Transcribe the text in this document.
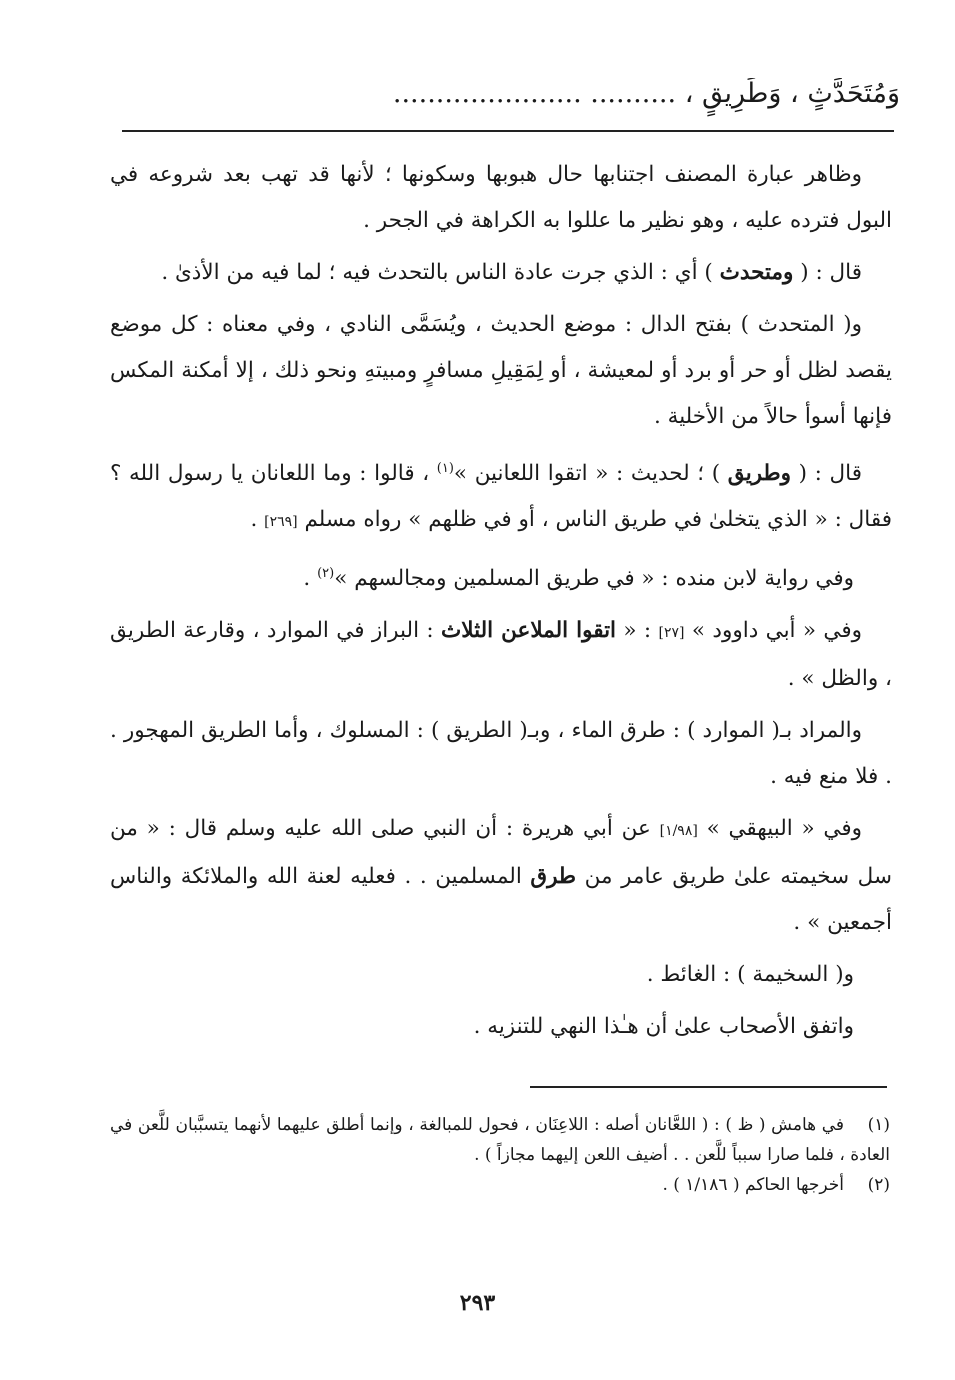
وَمُتَحَدَّثٍ ، وَطَرِيقٍ ، .......... ......................

وظاهر عبارة المصنف اجتنابها حال هبوبها وسكونها ؛ لأنها قد تهب بعد شروعه في البول فترده عليه ، وهو نظير ما عللوا به الكراهة في الجحر .

قال : ( ومتحدث ) أي : الذي جرت عادة الناس بالتحدث فيه ؛ لما فيه من الأذىٰ .

و( المتحدث ) بفتح الدال : موضع الحديث ، ويُسَمَّى النادي ، وفي معناه : كل موضع يقصد لظل أو حر أو برد أو لمعيشة ، أو لِمَقِيلِ مسافرٍ ومبيتهِ ونحو ذلك ، إلا أمكنة المكس فإنها أسوأ حالاً من الأخلية .

قال : ( وطريق ) ؛ لحديث : « اتقوا اللعانين »$^{(١)}$ ، قالوا : وما اللعانان يا رسول الله ؟ فقال : « الذي يتخلىٰ في طريق الناس ، أو في ظلهم » رواه مسلم [٢٦٩] .

وفي رواية لابن منده : « في طريق المسلمين ومجالسهم »$^{(٢)}$ .

وفي « أبي داوود » [٢٧] : « اتقوا الملاعن الثلاث : البراز في الموارد ، وقارعة الطريق ، والظل » .

والمراد بـ( الموارد ) : طرق الماء ، وبـ( الطريق ) : المسلوك ، وأما الطريق المهجور . . فلا منع فيه .

وفي « البيهقي » [١/٩٨] عن أبي هريرة : أن النبي صلى الله عليه وسلم قال : « من سل سخيمته علىٰ طريق عامر من طرق المسلمين . . فعليه لعنة الله والملائكة والناس أجمعين » .

و( السخيمة ) : الغائط .

واتفق الأصحاب علىٰ أن هـٰذا النهي للتنزيه .

(١)في هامش ( ظ ) : ( اللعَّانان أصله : اللاعِنَان ، فحول للمبالغة ، وإنما أطلق عليهما لأنهما يتسبَّبان للَّعن في العادة ، فلما صارا سبباً للَّعن . . أضيف اللعن إليهما مجازاً ) .

(٢)أخرجها الحاكم ( ١/١٨٦ ) .

٢٩٣
